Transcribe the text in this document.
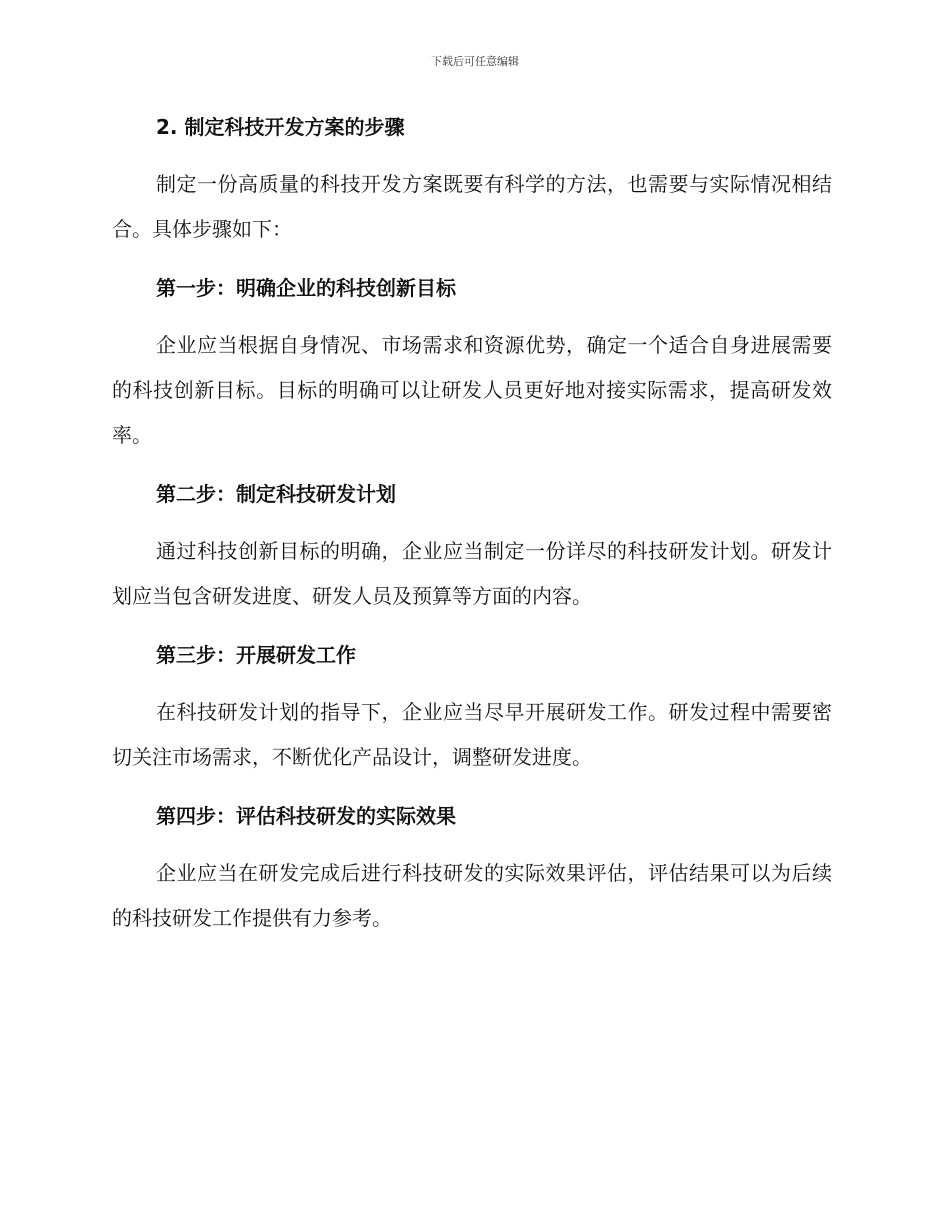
下载后可任意编辑
2. 制定科技开发方案的步骤

制定一份高质量的科技开发方案既要有科学的方法，也需要与实际情况相结合。具体步骤如下：

第一步：明确企业的科技创新目标

企业应当根据自身情况、市场需求和资源优势，确定一个适合自身进展需要的科技创新目标。目标的明确可以让研发人员更好地对接实际需求，提高研发效率。

第二步：制定科技研发计划

通过科技创新目标的明确，企业应当制定一份详尽的科技研发计划。研发计划应当包含研发进度、研发人员及预算等方面的内容。

第三步：开展研发工作

在科技研发计划的指导下，企业应当尽早开展研发工作。研发过程中需要密切关注市场需求，不断优化产品设计，调整研发进度。

第四步：评估科技研发的实际效果

企业应当在研发完成后进行科技研发的实际效果评估，评估结果可以为后续的科技研发工作提供有力参考。
